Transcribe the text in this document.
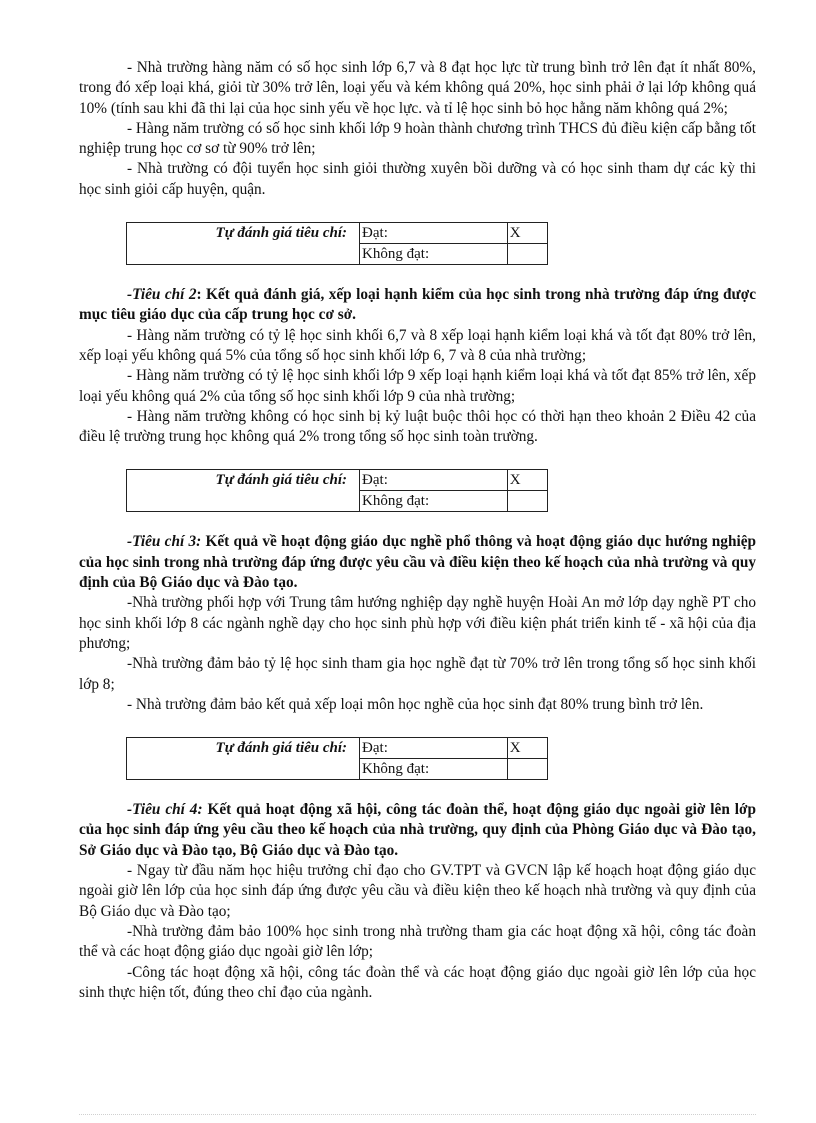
- Nhà trường hàng năm có số học sinh lớp 6,7 và 8 đạt học lực từ trung bình trở lên đạt ít nhất 80%, trong đó xếp loại khá, giỏi từ 30% trở lên, loại yếu và kém không quá 20%, học sinh phải ở lại lớp không quá 10% (tính sau khi đã thi lại của học sinh yếu về học lực. và tỉ lệ học sinh bỏ học hằng năm không quá 2%;

- Hàng năm trường có số học sinh khối lớp 9 hoàn thành chương trình THCS đủ điều kiện cấp bằng tốt nghiệp trung học cơ sơ từ 90% trở lên;

- Nhà trường có đội tuyển học sinh giỏi thường xuyên bồi dưỡng và có học sinh tham dự các kỳ thi học sinh giỏi cấp huyện, quận.

Tự đánh giá tiêu chí:	Đạt:	X
	Không đạt:	

-Tiêu chí 2: Kết quả đánh giá, xếp loại hạnh kiểm của học sinh trong nhà trường đáp ứng được mục tiêu giáo dục của cấp trung học cơ sở.

- Hàng năm trường có tỷ lệ học sinh khối 6,7 và 8 xếp loại hạnh kiểm loại khá và tốt đạt 80% trở lên, xếp loại yếu không quá 5% của tổng số học sinh khối lớp 6, 7 và 8 của nhà trường;

- Hàng năm trường có tỷ lệ học sinh khối lớp 9 xếp loại hạnh kiểm loại khá và tốt đạt 85% trở lên, xếp loại yếu không quá 2% của tổng số học sinh khối lớp 9 của nhà trường;

- Hàng năm trường không có học sinh bị kỷ luật buộc thôi học có thời hạn theo khoản 2 Điều 42 của điều lệ trường trung học không quá 2% trong tổng số học sinh toàn trường.

Tự đánh giá tiêu chí:	Đạt:	X
	Không đạt:	

-Tiêu chí 3: Kết quả về hoạt động giáo dục nghề phổ thông và hoạt động giáo dục hướng nghiệp của học sinh trong nhà trường đáp ứng được yêu cầu và điều kiện theo kế hoạch của nhà trường và quy định của Bộ Giáo dục và Đào tạo.

-Nhà trường phối hợp với Trung tâm hướng nghiệp dạy nghề huyện Hoài An mở lớp dạy nghề PT cho học sinh khối lớp 8 các ngành nghề dạy cho học sinh phù hợp với điều kiện phát triển kinh tế - xã hội của địa phương;

-Nhà trường đảm bảo tỷ lệ học sinh tham gia học nghề đạt từ 70% trở lên trong tổng số học sinh khối lớp 8;

- Nhà trường đảm bảo kết quả xếp loại môn học nghề của học sinh đạt 80% trung bình trở lên.

Tự đánh giá tiêu chí:	Đạt:	X
	Không đạt:	

-Tiêu chí 4: Kết quả hoạt động xã hội, công tác đoàn thể, hoạt động giáo dục ngoài giờ lên lớp của học sinh đáp ứng yêu cầu theo kế hoạch của nhà trường, quy định của Phòng Giáo dục và Đào tạo, Sở Giáo dục và Đào tạo, Bộ Giáo dục và Đào tạo.

- Ngay từ đầu năm học hiệu trưởng chỉ đạo cho GV.TPT và GVCN lập kế hoạch hoạt động giáo dục ngoài giờ lên lớp của học sinh đáp ứng được yêu cầu và điều kiện theo kế hoạch nhà trường và quy định của Bộ Giáo dục và Đào tạo;

-Nhà trường đảm bảo 100% học sinh trong nhà trường tham gia các hoạt động xã hội, công tác đoàn thể và các hoạt động giáo dục ngoài giờ lên lớp;

-Công tác hoạt động xã hội, công tác đoàn thể và các hoạt động giáo dục ngoài giờ lên lớp của học sinh thực hiện tốt, đúng theo chỉ đạo của ngành.
